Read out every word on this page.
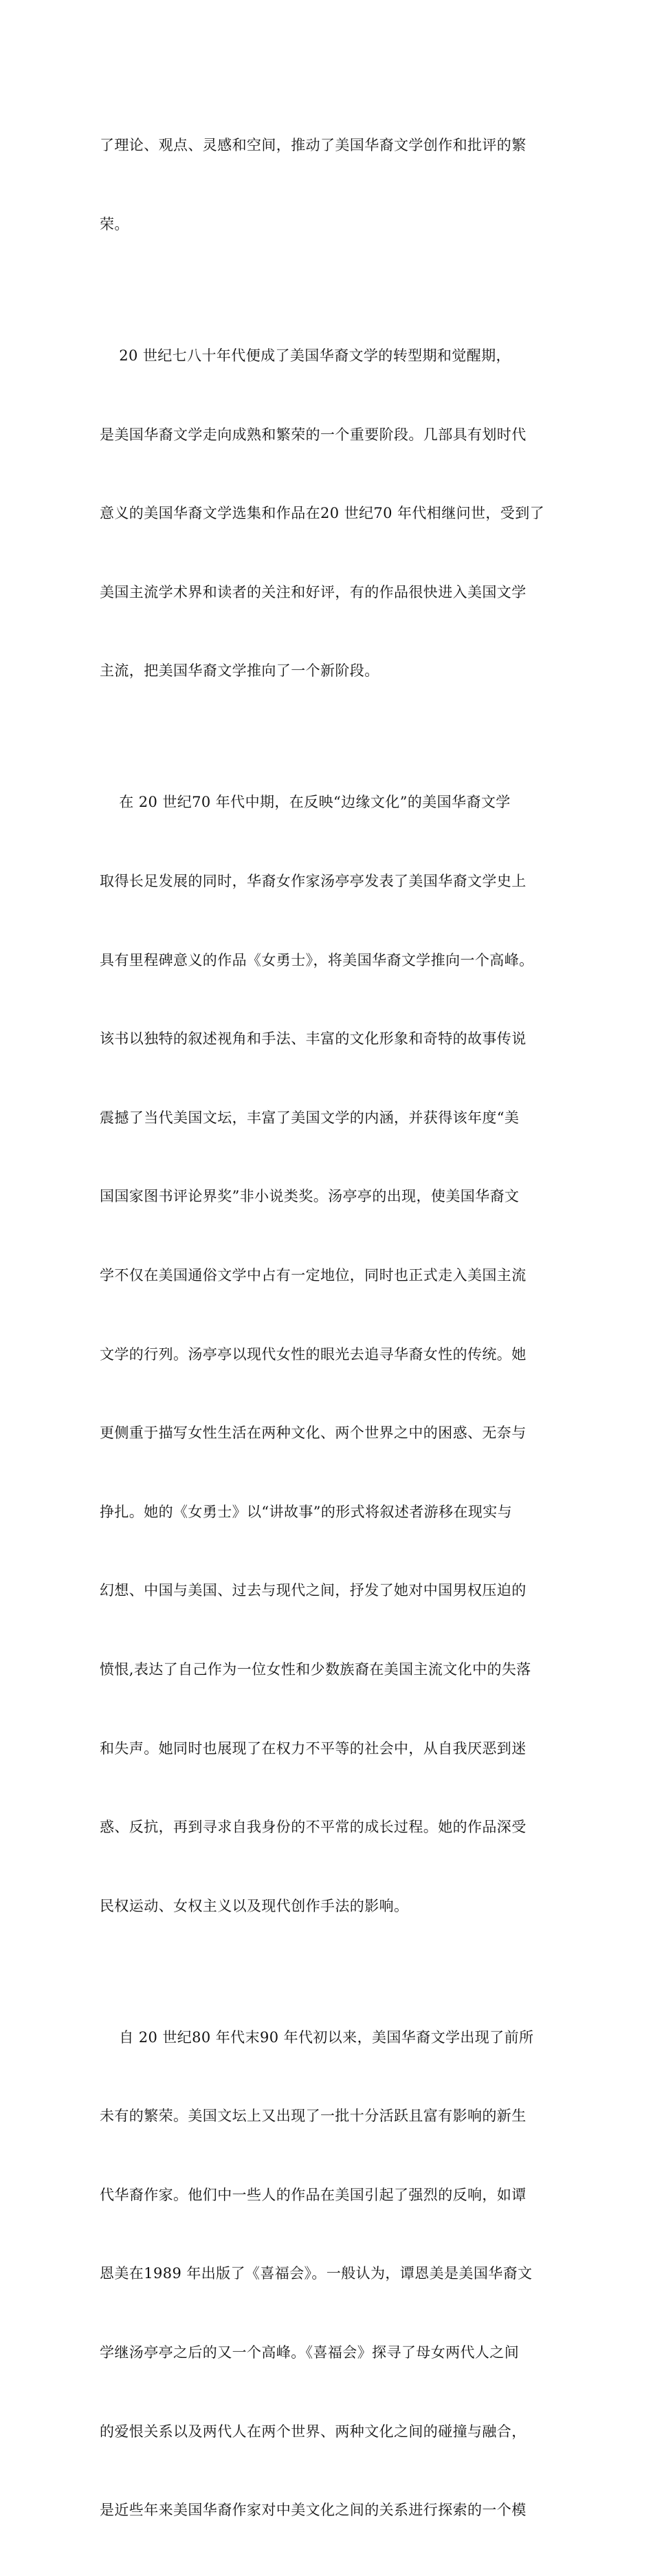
了理论、观点、灵感和空间，推动了美国华裔文学创作和批评的繁

荣。

20 世纪七八十年代便成了美国华裔文学的转型期和觉醒期，

是美国华裔文学走向成熟和繁荣的一个重要阶段。几部具有划时代

意义的美国华裔文学选集和作品在20 世纪70 年代相继问世，受到了

美国主流学术界和读者的关注和好评，有的作品很快进入美国文学

主流，把美国华裔文学推向了一个新阶段。

在 20 世纪70 年代中期，在反映“边缘文化”的美国华裔文学

取得长足发展的同时，华裔女作家汤亭亭发表了美国华裔文学史上

具有里程碑意义的作品《女勇士》，将美国华裔文学推向一个高峰。

该书以独特的叙述视角和手法、丰富的文化形象和奇特的故事传说

震撼了当代美国文坛，丰富了美国文学的内涵，并获得该年度“美

国国家图书评论界奖”非小说类奖。汤亭亭的出现，使美国华裔文

学不仅在美国通俗文学中占有一定地位，同时也正式走入美国主流

文学的行列。汤亭亭以现代女性的眼光去追寻华裔女性的传统。她

更侧重于描写女性生活在两种文化、两个世界之中的困惑、无奈与

挣扎。她的《女勇士》以“讲故事”的形式将叙述者游移在现实与

幻想、中国与美国、过去与现代之间，抒发了她对中国男权压迫的

愤恨,表达了自己作为一位女性和少数族裔在美国主流文化中的失落

和失声。她同时也展现了在权力不平等的社会中，从自我厌恶到迷

惑、反抗，再到寻求自我身份的不平常的成长过程。她的作品深受

民权运动、女权主义以及现代创作手法的影响。

自 20 世纪80 年代末90 年代初以来，美国华裔文学出现了前所

未有的繁荣。美国文坛上又出现了一批十分活跃且富有影响的新生

代华裔作家。他们中一些人的作品在美国引起了强烈的反响，如谭

恩美在1989 年出版了《喜福会》。一般认为，谭恩美是美国华裔文

学继汤亭亭之后的又一个高峰。《喜福会》探寻了母女两代人之间

的爱恨关系以及两代人在两个世界、两种文化之间的碰撞与融合，

是近些年来美国华裔作家对中美文化之间的关系进行探索的一个模
